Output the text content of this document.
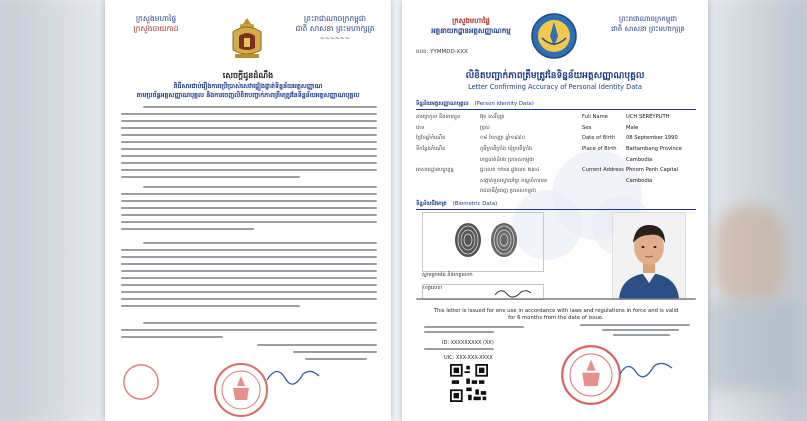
ក្រសួងមហាផ្ទៃ
ក្រសួងបាយកាដ
ព្រះរាជាណាចក្រកម្ពុជា
ជាតិ សាសនា ព្រះមហាក្សត្រ
~~~~~~
សេចក្តីជូនដំណឹង
ពិធីសារជាប់រឿងការប្រើប្រាស់សេវាផ្ទៀងផ្ទាត់ទិន្នន័យអត្តសញ្ញាណ
តាមប្រព័ន្ធអត្តសញ្ញាណបុគ្គល និងការចេញលិខិតបញ្ជាក់ភាពត្រឹមត្រូវនៃទិន្នន័យអត្តសញ្ញាណបុគ្គល
ក្រសួងមហាផ្ទៃ
អគ្គនាយកដ្ឋានអត្តសញ្ញាណកម្ម
ព្រះរាជាណាចក្រកម្ពុជា
ជាតិ សាសនា ព្រះមហាក្សត្រ
លេខ: YYMMDD-XXX
លិខិតបញ្ជាក់ភាពត្រឹមត្រូវនៃទិន្នន័យអត្តសញ្ញាណបុគ្គល
Letter Confirming Accuracy of Personal Identity Data
ទិន្នន័យអត្តសញ្ញាណបុគ្គល (Person Identity Data)
នាមត្រកូល និងនាមខ្លួន	អ៊ុច សេរីបុត្រ	Full Name	UCH SEREYPUTH
ភេទ	ប្រុស	Sex	Male
ថ្ងៃខែឆ្នាំកំណើត	០៨ ខែកញ្ញា ឆ្នាំ១៩៩០	Date of Birth	08 September 1990
ទីកន្លែងកំណើត	ភូមិក្រពើក្រាំង ឃុំក្រពើក្រាំង	Place of Birth	Battambang Province
ខេត្តបាត់ដំបង ប្រទេសកម្ពុជា	Cambodia
អាសយដ្ឋានបច្ចុប្បន្ន	ផ្ទះលេខ ១២៣ ផ្លូវលេខ ២៣៤	Current Address Phnom Penh Capital
សង្កាត់ទួលស្វាយព្រៃ ខណ្ឌចំការមន	Cambodia
រាជធានីភ្នំពេញ ប្រទេសកម្ពុជា
ទិន្នន័យជីវមាត្រ (Biometric Data)
ស្នាមម្រាមដៃ និងហត្ថលេខា
ហត្ថលេខា
This letter is issued for one use in accordance with laws and regulations in force and is valid
for 6 months from the date of issue.
ID: XXXXXXXXX (XX)
UIC: XXX-XXX-XXXX
